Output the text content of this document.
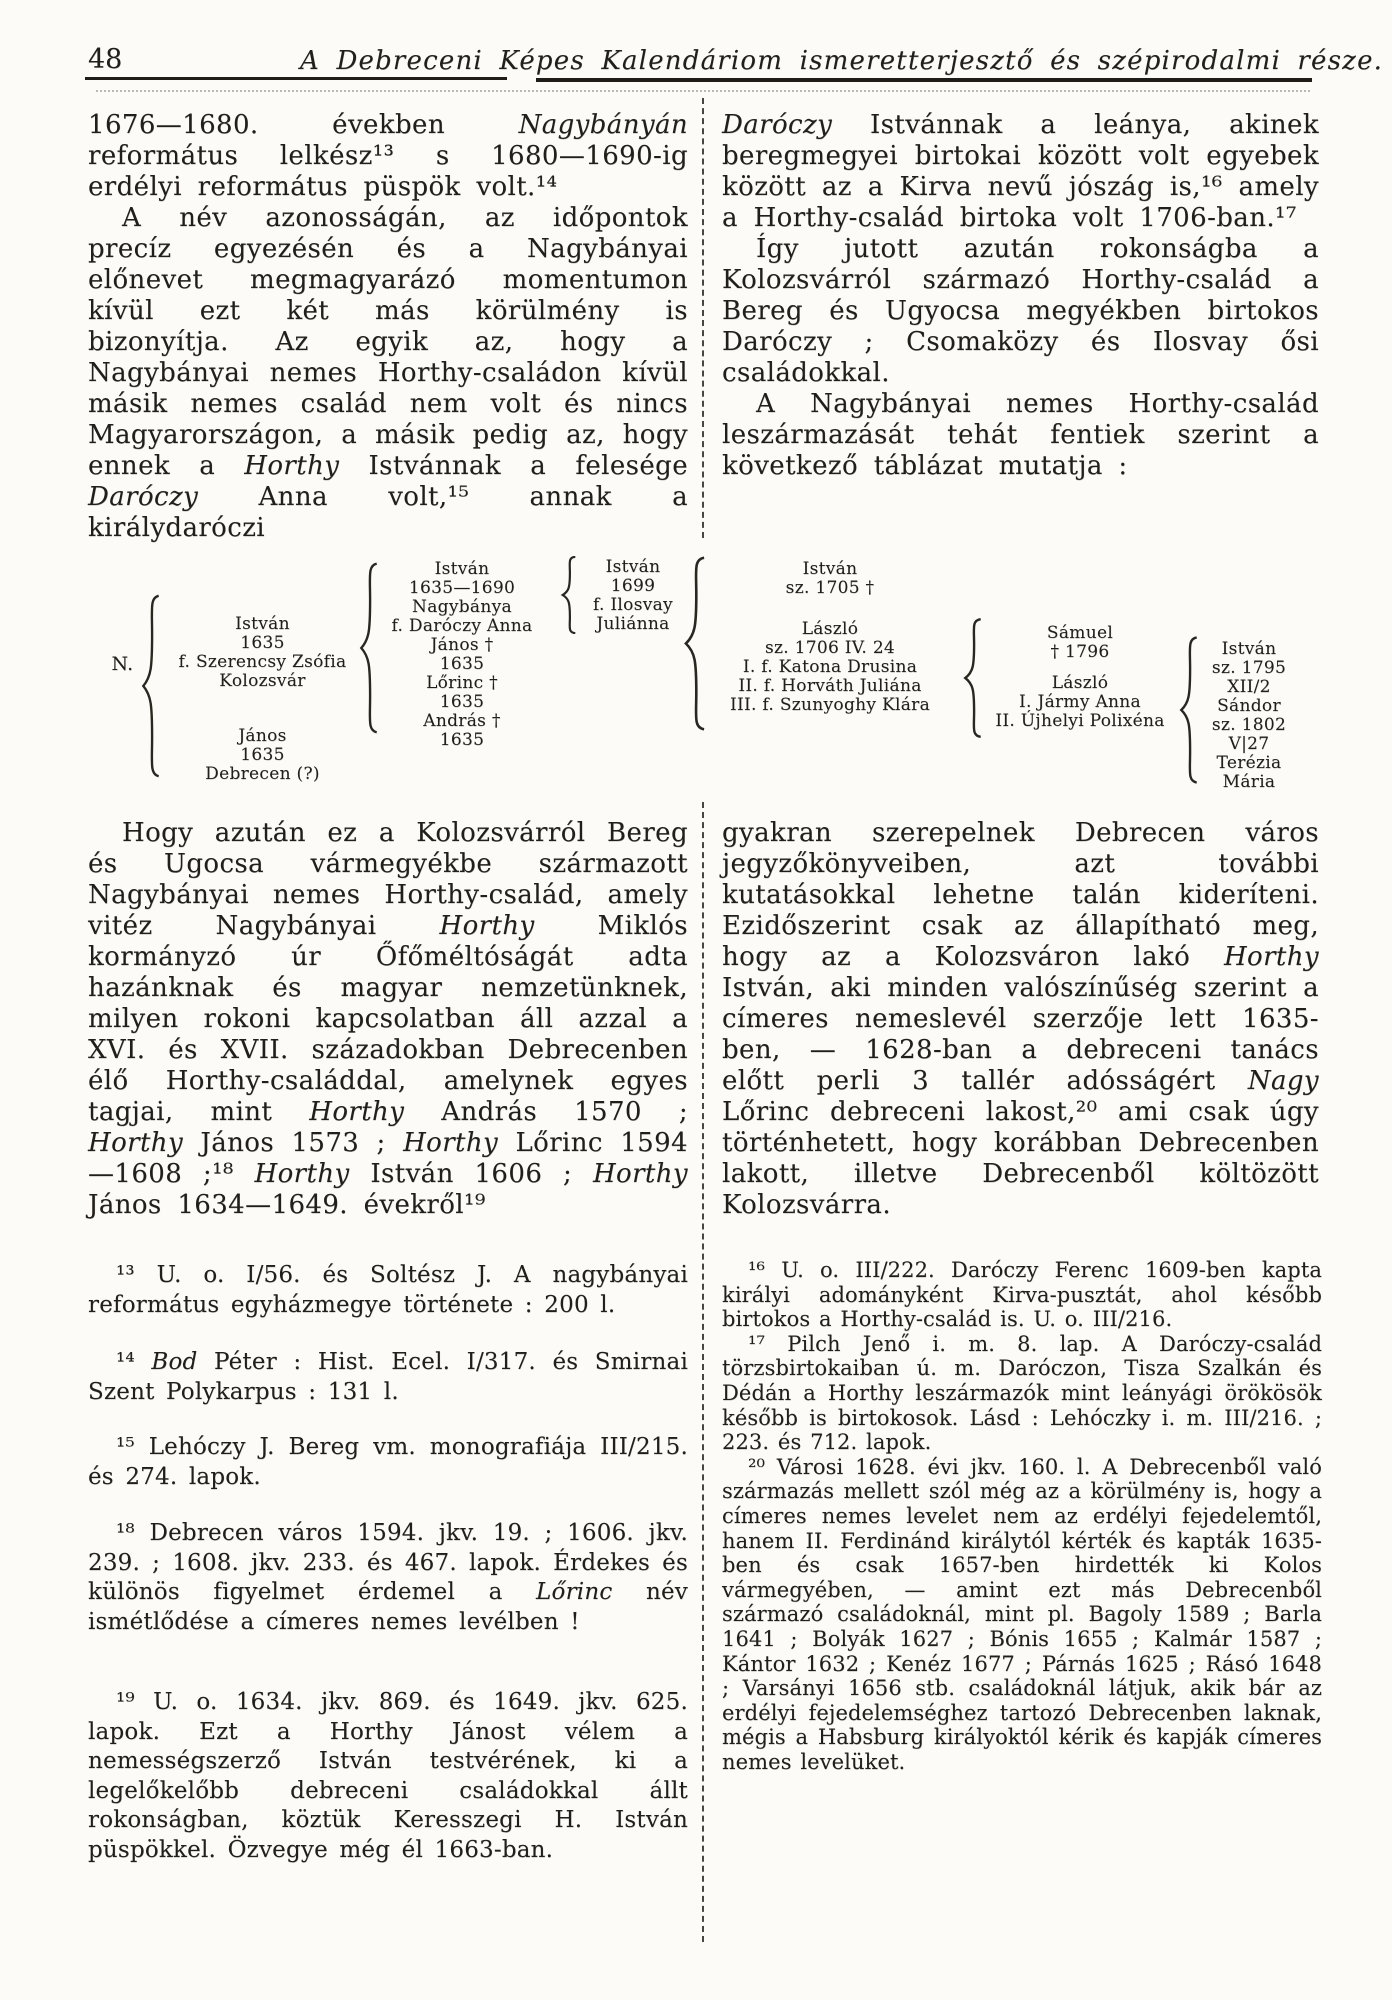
48	A Debreceni Képes Kalendáriom ismeretterjesztő és szépirodalmi része.

1676—1680. években Nagybányán református lelkész¹³ s 1680—1690-ig erdélyi református püspök volt.¹⁴

A név azonosságán, az időpontok precíz egyezésén és a Nagybányai előnevet megmagyarázó momentumon kívül ezt két más körülmény is bizonyítja. Az egyik az, hogy a Nagybányai nemes Horthy-családon kívül másik nemes család nem volt és nincs Magyarországon, a másik pedig az, hogy ennek a Horthy Istvánnak a felesége Daróczy Anna volt,¹⁵ annak a királydaróczi

Daróczy Istvánnak a leánya, akinek beregmegyei birtokai között volt egyebek között az a Kirva nevű jószág is,¹⁶ amely a Horthy-család birtoka volt 1706-ban.¹⁷

Így jutott azután rokonságba a Kolozsvárról származó Horthy-család a Bereg és Ugyocsa megyékben birtokos Daróczy ; Csomaközy és Ilosvay ősi családokkal.

A Nagybányai nemes Horthy-család leszármazását tehát fentiek szerint a következő táblázat mutatja :

N.
István
1635
f. Szerencsy Zsófia
Kolozsvár
János
1635
Debrecen (?)
István
1635—1690
Nagybánya
f. Daróczy Anna
János †
1635
Lőrinc †
1635
András †
1635
István
1699
f. Ilosvay
Juliánna
István
sz. 1705 †
László
sz. 1706 IV. 24
I. f. Katona Drusina
II. f. Horváth Juliána
III. f. Szunyoghy Klára
Sámuel
† 1796
László
I. Jármy Anna
II. Újhelyi Polixéna
István
sz. 1795
XII/2
Sándor
sz. 1802
V|27
Terézia
Mária

Hogy azután ez a Kolozsvárról Bereg és Ugocsa vármegyékbe származott Nagybányai nemes Horthy-család, amely vitéz Nagybányai Horthy Miklós kormányzó úr Őfőméltóságát adta hazánknak és magyar nemzetünknek, milyen rokoni kapcsolatban áll azzal a XVI. és XVII. századokban Debrecenben élő Horthy-családdal, amelynek egyes tagjai, mint Horthy András 1570 ; Horthy János 1573 ; Horthy Lőrinc 1594—1608 ;¹⁸ Horthy István 1606 ; Horthy János 1634—1649. évekről¹⁹

gyakran szerepelnek Debrecen város jegyzőkönyveiben, azt további kutatásokkal lehetne talán kideríteni. Ezidőszerint csak az állapítható meg, hogy az a Kolozsváron lakó Horthy István, aki minden valószínűség szerint a címeres nemeslevél szerzője lett 1635-ben, — 1628-ban a debreceni tanács előtt perli 3 tallér adósságért Nagy Lőrinc debreceni lakost,²⁰ ami csak úgy történhetett, hogy korábban Debrecenben lakott, illetve Debrecenből költözött Kolozsvárra.

¹³ U. o. I/56. és Soltész J. A nagybányai református egyházmegye története : 200 l.

¹⁴ Bod Péter : Hist. Ecel. I/317. és Smirnai Szent Polykarpus : 131 l.

¹⁵ Lehóczy J. Bereg vm. monografiája III/215. és 274. lapok.

¹⁸ Debrecen város 1594. jkv. 19. ; 1606. jkv. 239. ; 1608. jkv. 233. és 467. lapok. Érdekes és különös figyelmet érdemel a Lőrinc név ismétlődése a címeres nemes levélben !

¹⁹ U. o. 1634. jkv. 869. és 1649. jkv. 625. lapok. Ezt a Horthy Jánost vélem a nemességszerző István testvérének, ki a legelőkelőbb debreceni családokkal állt rokonságban, köztük Keresszegi H. István püspökkel. Özvegye még él 1663-ban.

¹⁶ U. o. III/222. Daróczy Ferenc 1609-ben kapta királyi adományként Kirva-pusztát, ahol később birtokos a Horthy-család is. U. o. III/216.

¹⁷ Pilch Jenő i. m. 8. lap. A Daróczy-család törzsbirtokaiban ú. m. Daróczon, Tisza Szalkán és Dédán a Horthy leszármazók mint leányági örökösök később is birtokosok. Lásd : Lehóczky i. m. III/216. ; 223. és 712. lapok.

²⁰ Városi 1628. évi jkv. 160. l. A Debrecenből való származás mellett szól még az a körülmény is, hogy a címeres nemes levelet nem az erdélyi fejedelemtől, hanem II. Ferdinánd királytól kérték és kapták 1635-ben és csak 1657-ben hirdették ki Kolos vármegyében, — amint ezt más Debrecenből származó családoknál, mint pl. Bagoly 1589 ; Barla 1641 ; Bolyák 1627 ; Bónis 1655 ; Kalmár 1587 ; Kántor 1632 ; Kenéz 1677 ; Párnás 1625 ; Rásó 1648 ; Varsányi 1656 stb. családoknál látjuk, akik bár az erdélyi fejedelemséghez tartozó Debrecenben laknak, mégis a Habsburg királyoktól kérik és kapják címeres nemes levelüket.
